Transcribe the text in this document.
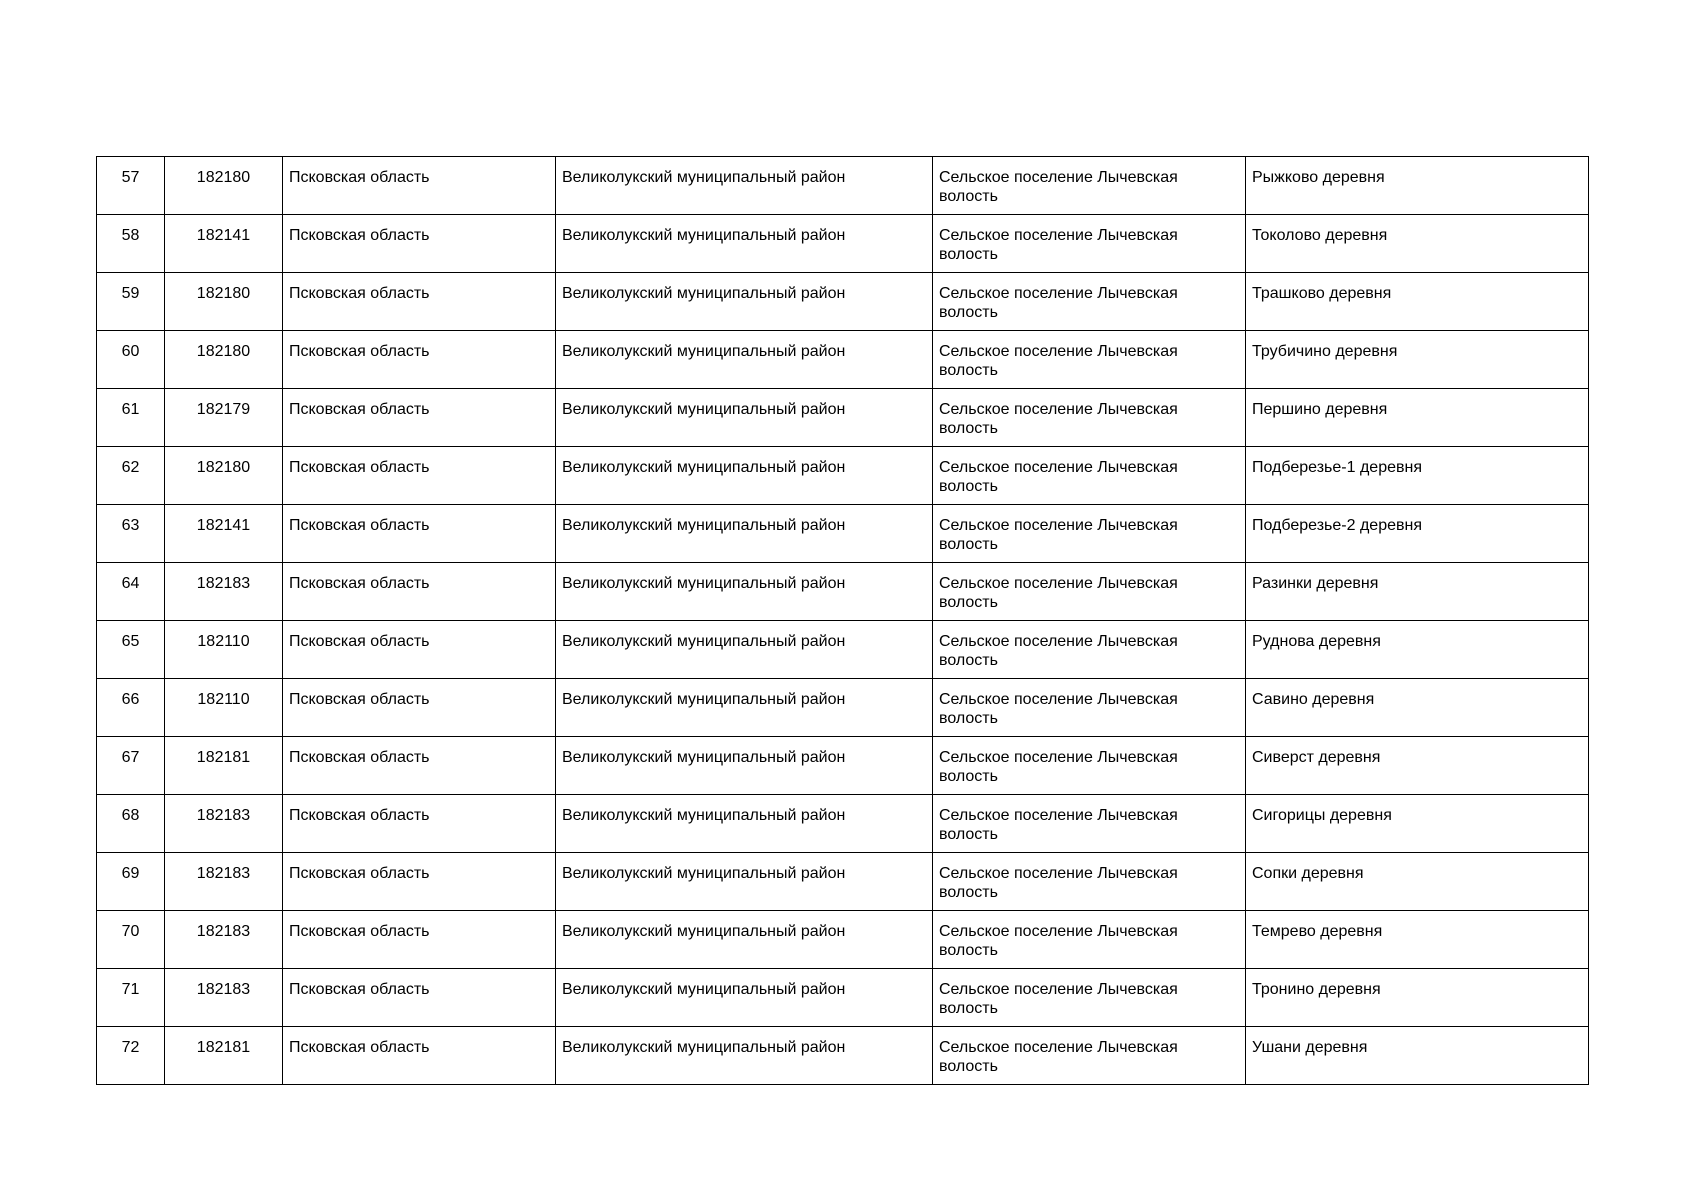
57	182180	Псковская область	Великолукский муниципальный район	Сельское поселение Лычевская волость	Рыжково деревня
58	182141	Псковская область	Великолукский муниципальный район	Сельское поселение Лычевская волость	Токолово деревня
59	182180	Псковская область	Великолукский муниципальный район	Сельское поселение Лычевская волость	Трашково деревня
60	182180	Псковская область	Великолукский муниципальный район	Сельское поселение Лычевская волость	Трубичино деревня
61	182179	Псковская область	Великолукский муниципальный район	Сельское поселение Лычевская волость	Першино деревня
62	182180	Псковская область	Великолукский муниципальный район	Сельское поселение Лычевская волость	Подберезье-1 деревня
63	182141	Псковская область	Великолукский муниципальный район	Сельское поселение Лычевская волость	Подберезье-2 деревня
64	182183	Псковская область	Великолукский муниципальный район	Сельское поселение Лычевская волость	Разинки деревня
65	182110	Псковская область	Великолукский муниципальный район	Сельское поселение Лычевская волость	Руднова деревня
66	182110	Псковская область	Великолукский муниципальный район	Сельское поселение Лычевская волость	Савино деревня
67	182181	Псковская область	Великолукский муниципальный район	Сельское поселение Лычевская волость	Сиверст деревня
68	182183	Псковская область	Великолукский муниципальный район	Сельское поселение Лычевская волость	Сигорицы деревня
69	182183	Псковская область	Великолукский муниципальный район	Сельское поселение Лычевская волость	Сопки деревня
70	182183	Псковская область	Великолукский муниципальный район	Сельское поселение Лычевская волость	Темрево деревня
71	182183	Псковская область	Великолукский муниципальный район	Сельское поселение Лычевская волость	Тронино деревня
72	182181	Псковская область	Великолукский муниципальный район	Сельское поселение Лычевская волость	Ушани деревня
